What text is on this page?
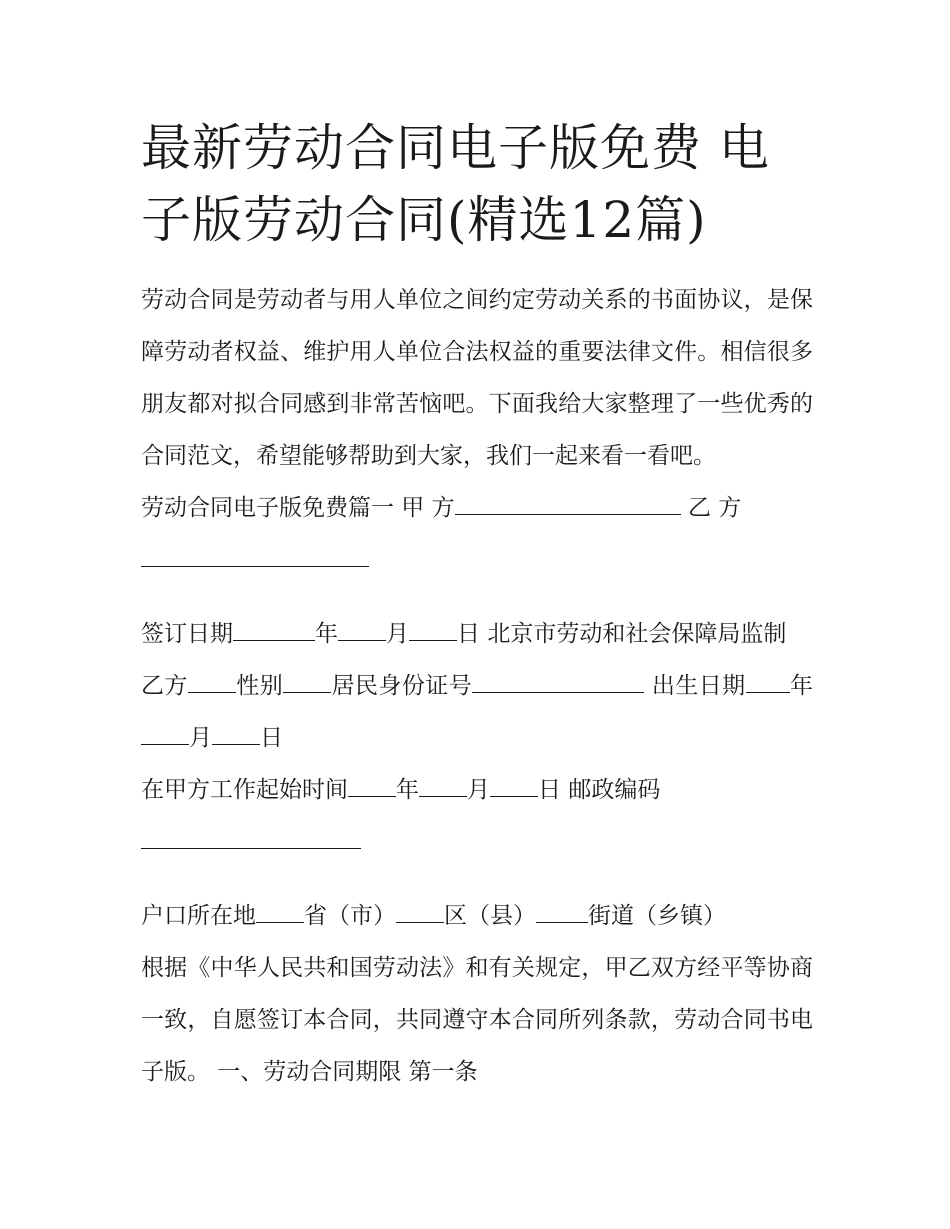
最新劳动合同电子版免费 电子版劳动合同(精选12篇)

劳动合同是劳动者与用人单位之间约定劳动关系的书面协议，是保障劳动者权益、维护用人单位合法权益的重要法律文件。相信很多朋友都对拟合同感到非常苦恼吧。下面我给大家整理了一些优秀的合同范文，希望能够帮助到大家，我们一起来看一看吧。

劳动合同电子版免费篇一 甲 方	乙 方

签订日期	年 月 日 北京市劳动和社会保障局监制

乙方 性别 居民身份证号	出生日期 年月 日

在甲方工作起始时间 年 月 日 邮政编码

户口所在地 省（市） 区（县） 街道（乡镇）

根据《中华人民共和国劳动法》和有关规定，甲乙双方经平等协商一致，自愿签订本合同，共同遵守本合同所列条款，劳动合同书电子版。 一、劳动合同期限 第一条
